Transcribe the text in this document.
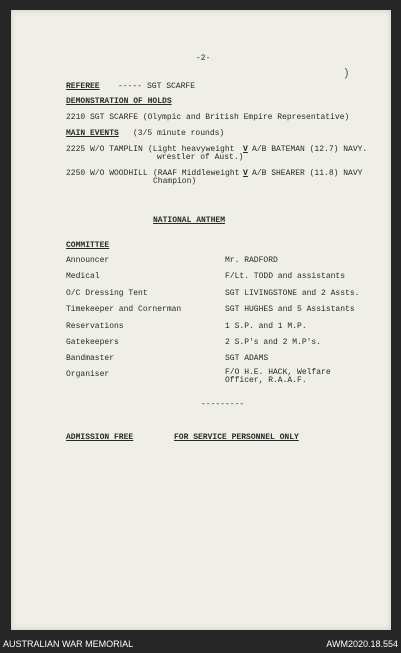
-2-
)
REFEREE ----- SGT SCARFE
DEMONSTRATION OF HOLDS
2210 SGT SCARFE (Olympic and British Empire Representative)
MAIN EVENTS (3/5 minute rounds)
2225 W/O TAMPLIN (Light heavyweight
wrestler of Aust.)
V A/B BATEMAN (12.7) NAVY.
2250 W/O WOODHILL (RAAF Middleweight
Champion)
V A/B SHEARER (11.8) NAVY
NATIONAL ANTHEM
COMMITTEE
Announcer	Mr. RADFORD
Medical	F/Lt. TODD and assistants
O/C Dressing Tent	SGT LIVINGSTONE and 2 Assts.
Timekeeper and Cornerman	SGT HUGHES and 5 Assistants
Reservations	1 S.P. and 1 M.P.
Gatekeepers	2 S.P's and 2 M.P's.
Bandmaster	SGT ADAMS
Organiser	F/O H.E. HACK, Welfare
Officer, R.A.A.F.
---------
ADMISSION FREE	FOR SERVICE PERSONNEL ONLY
AUSTRALIAN WAR MEMORIAL	AWM2020.18.554
